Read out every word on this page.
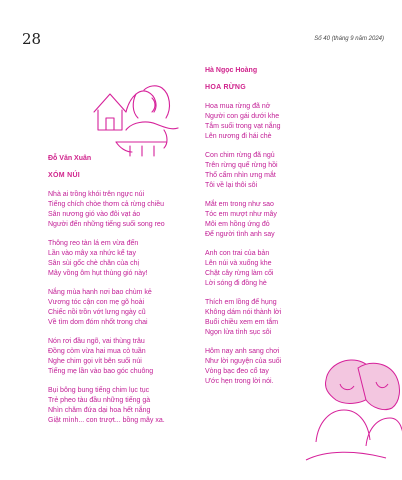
28	Số 40 (tháng 9 năm 2024)
Đỗ Văn Xuân
XÓM NÚI
Nhà ai trồng khói trên ngực núi
Tiếng chích chòe thơm cả rừng chiều
Sân nương gió vào đôi vạt áo
Người đến những tiếng suối song reo
Thông reo tàn lá em vừa đến
Lần vào mây xa nhức kể tay
Sân sùi gốc chè chăn của chị
Mây vồng ôm hụt thùng gió này!
Nắng mùa hanh nơi bao chùm kẻ
Vương tóc cận con mẹ gõ hoài
Chiếc nồi trồn vớt lưng ngày cũ
Về tìm dom đóm nhốt trong chai
Nón rơi đầu ngõ, vai thùng trâu
Đồng cỏm vừa hai mua cỏ tuần
Nghe chim gọi vít bên suối núi
Tiếng mẹ lần vào bao góc chuông
Bụi bông bung tiếng chim lục tục
Trẻ pheo tàu đầu những tiếng gà
Nhìn chăm đứa dại hoa hết nắng
Giật mình... con trượt... bồng mây xa.
Hà Ngọc Hoàng
HOA RỪNG
Hoa mua rừng đã nở
Người con gái dưới khe
Tắm suối trong vạt nắng
Lên nương đi hái chè
Con chim rừng đã ngủ
Trên rừng quế rừng hồi
Thổ cẩm nhìn ưng mắt
Tôi về lại thôi sôi
Mắt em trong như sao
Tóc em mượt như mây
Môi em hồng ứng đỏ
Để người tình anh say
Anh con trai của bản
Lên núi và xuống khe
Chặt cây rừng làm cối
Lời sóng đi đồng hè
Thích em lồng để hụng
Không dám nói thành lời
Buổi chiều xem em tắm
Ngọn lửa tình sục sôi
Hôm nay anh sang chơi
Như lời nguyện của suối
Vòng bạc đeo cổ tay
Ước hẹn trong lời nói.
